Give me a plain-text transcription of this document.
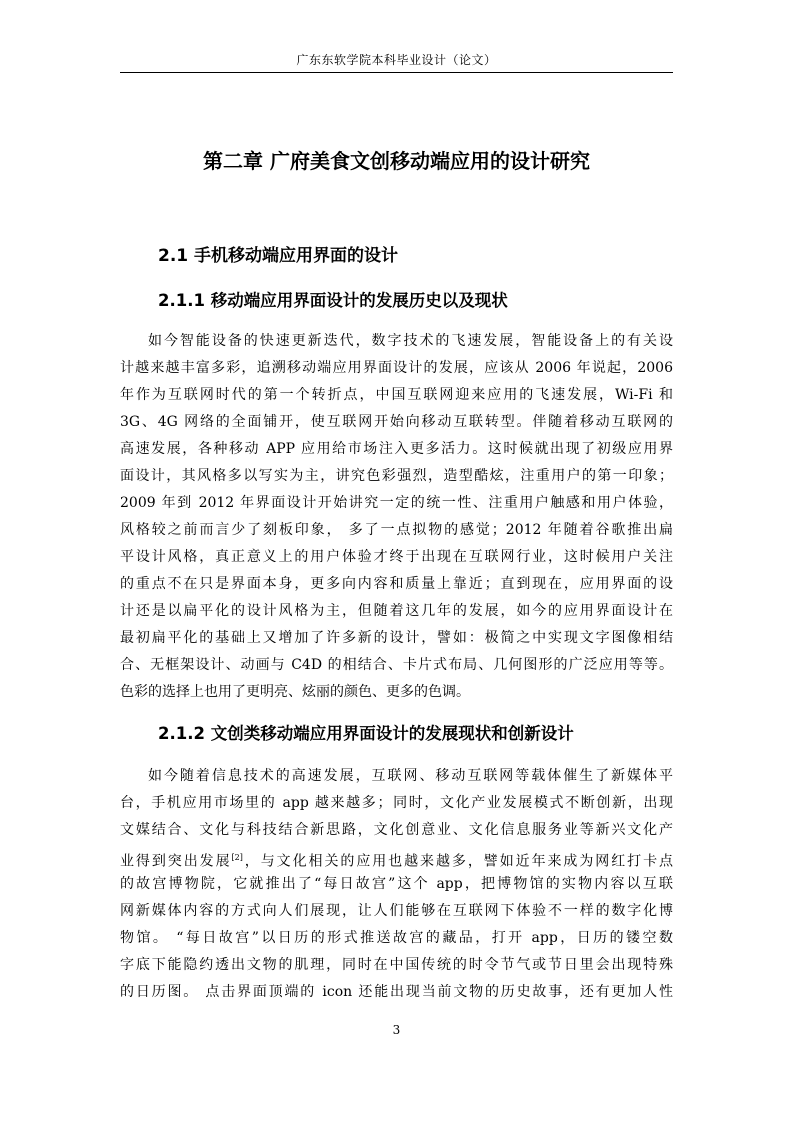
广东东软学院本科毕业设计（论文）
第二章 广府美食文创移动端应用的设计研究
2.1 手机移动端应用界面的设计
2.1.1 移动端应用界面设计的发展历史以及现状
如今智能设备的快速更新迭代，数字技术的飞速发展，智能设备上的有关设
计越来越丰富多彩，追溯移动端应用界面设计的发展，应该从 2006 年说起，2006
年作为互联网时代的第一个转折点，中国互联网迎来应用的飞速发展，Wi-Fi 和
3G、4G 网络的全面铺开，使互联网开始向移动互联转型。伴随着移动互联网的
高速发展，各种移动 APP 应用给市场注入更多活力。这时候就出现了初级应用界
面设计，其风格多以写实为主，讲究色彩强烈，造型酷炫，注重用户的第一印象；
2009 年到 2012 年界面设计开始讲究一定的统一性、注重用户触感和用户体验，
风格较之前而言少了刻板印象， 多了一点拟物的感觉；2012 年随着谷歌推出扁
平设计风格，真正意义上的用户体验才终于出现在互联网行业，这时候用户关注
的重点不在只是界面本身，更多向内容和质量上靠近；直到现在，应用界面的设
计还是以扁平化的设计风格为主，但随着这几年的发展，如今的应用界面设计在
最初扁平化的基础上又增加了许多新的设计，譬如：极简之中实现文字图像相结
合、无框架设计、动画与 C4D 的相结合、卡片式布局、几何图形的广泛应用等等。
色彩的选择上也用了更明亮、炫丽的颜色、更多的色调。
2.1.2 文创类移动端应用界面设计的发展现状和创新设计
如今随着信息技术的高速发展，互联网、移动互联网等载体催生了新媒体平
台，手机应用市场里的 app 越来越多；同时，文化产业发展模式不断创新，出现
文媒结合、文化与科技结合新思路，文化创意业、文化信息服务业等新兴文化产
业得到突出发展[2]，与文化相关的应用也越来越多，譬如近年来成为网红打卡点
的故宫博物院，它就推出了“每日故宫”这个 app，把博物馆的实物内容以互联
网新媒体内容的方式向人们展现，让人们能够在互联网下体验不一样的数字化博
物馆。 “每日故宫”以日历的形式推送故宫的藏品，打开 app，日历的镂空数
字底下能隐约透出文物的肌理，同时在中国传统的时令节气或节日里会出现特殊
的日历图。 点击界面顶端的 icon 还能出现当前文物的历史故事，还有更加人性
3
